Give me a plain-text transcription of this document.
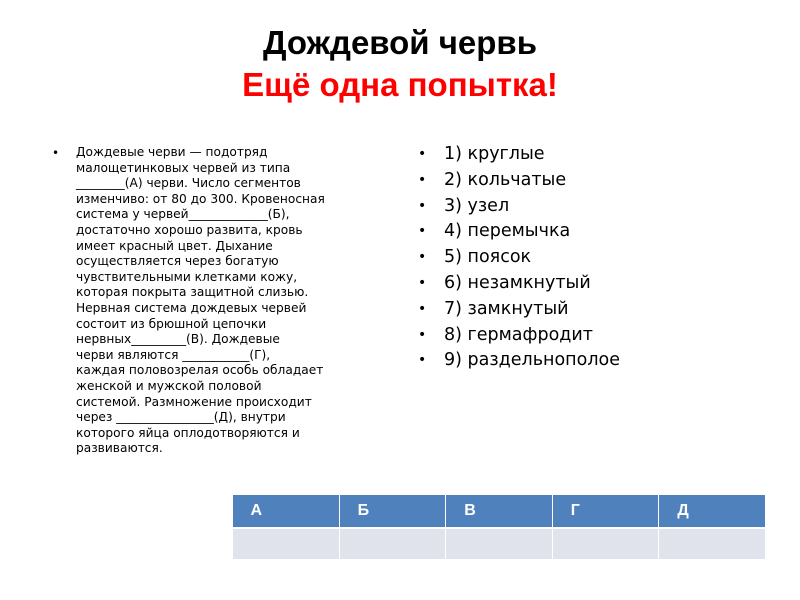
Дождевой червь
Ещё одна попытка!
• Дождевые черви — подотряд
малощетинковых червей из типа
________(А) черви. Число сегментов
изменчиво: от 80 до 300. Кровеносная
система у червей_____________(Б),
достаточно хорошо развита, кровь
имеет красный цвет. Дыхание
осуществляется через богатую
чувствительными клетками кожу,
которая покрыта защитной слизью.
Нервная система дождевых червей
состоит из брюшной цепочки
нервных_________(В). Дождевые
черви являются ___________(Г),
каждая половозрелая особь обладает
женской и мужской половой
системой. Размножение происходит
через ________________(Д), внутри
которого яйца оплодотворяются и
развиваются.

• 1) круглые
• 2) кольчатые
• 3) узел
• 4) перемычка
• 5) поясок
• 6) незамкнутый
• 7) замкнутый
• 8) гермафродит
• 9) раздельнополое
А	Б	В	Г	Д
